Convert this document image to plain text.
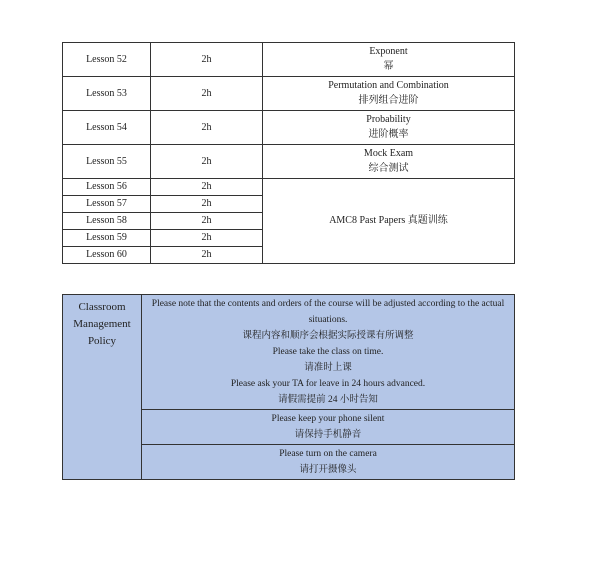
Lesson 52	2h	Exponent
幂

Lesson 53	2h	Permutation and Combination
排列组合进阶

Lesson 54	2h	Probability
进阶概率

Lesson 55	2h	Mock Exam
综合测试

Lesson 56	2h	AMC8 Past Papers 真题训练
Lesson 57	2h	
Lesson 58	2h	
Lesson 59	2h	
Lesson 60	2h	
Classroom Management Policy	
Please note that the contents and orders of the course will be adjusted according to the actual situations.
课程内容和顺序会根据实际授课有所调整
Please take the class on time.
请准时上课
Please ask your TA for leave in 24 hours advanced.
请假需提前 24 小时告知

Please keep your phone silent
请保持手机静音

Please turn on the camera
请打开摄像头
